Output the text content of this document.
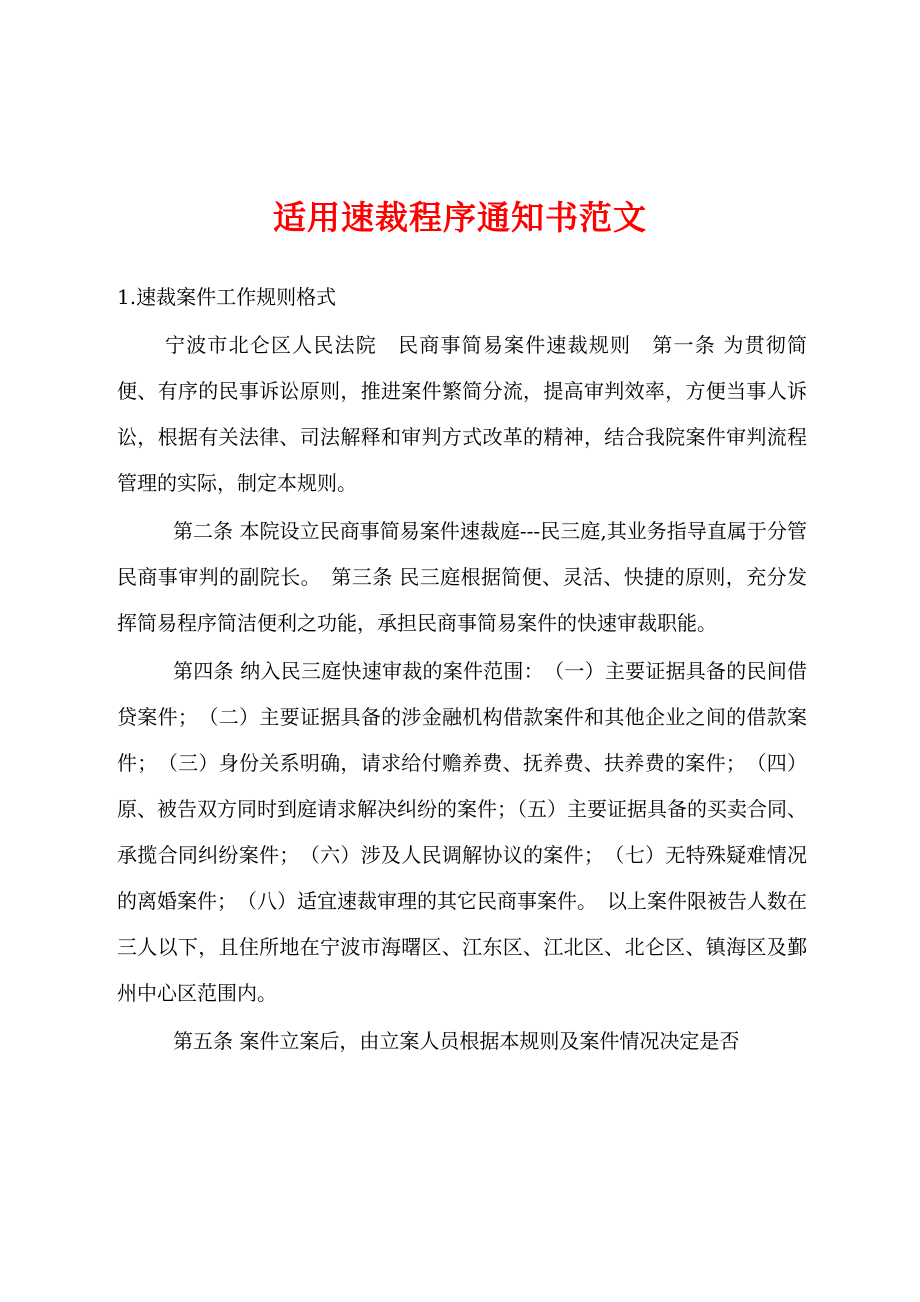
适用速裁程序通知书范文

1.速裁案件工作规则格式

宁波市北仑区人民法院　民商事简易案件速裁规则　第一条 为贯彻简便、有序的民事诉讼原则，推进案件繁简分流，提高审判效率，方便当事人诉讼，根据有关法律、司法解释和审判方式改革的精神，结合我院案件审判流程管理的实际，制定本规则。

第二条 本院设立民商事简易案件速裁庭---民三庭,其业务指导直属于分管民商事审判的副院长。　第三条 民三庭根据简便、灵活、快捷的原则，充分发挥简易程序简洁便利之功能，承担民商事简易案件的快速审裁职能。

第四条 纳入民三庭快速审裁的案件范围：　（一）主要证据具备的民间借贷案件；　（二）主要证据具备的涉金融机构借款案件和其他企业之间的借款案件；　（三）身份关系明确，请求给付赡养费、抚养费、扶养费的案件；　（四）原、被告双方同时到庭请求解决纠纷的案件；（五）主要证据具备的买卖合同、承揽合同纠纷案件；　（六）涉及人民调解协议的案件；　（七）无特殊疑难情况的离婚案件；　（八）适宜速裁审理的其它民商事案件。　以上案件限被告人数在三人以下，且住所地在宁波市海曙区、江东区、江北区、北仑区、镇海区及鄞州中心区范围内。

第五条 案件立案后，由立案人员根据本规则及案件情况决定是否
